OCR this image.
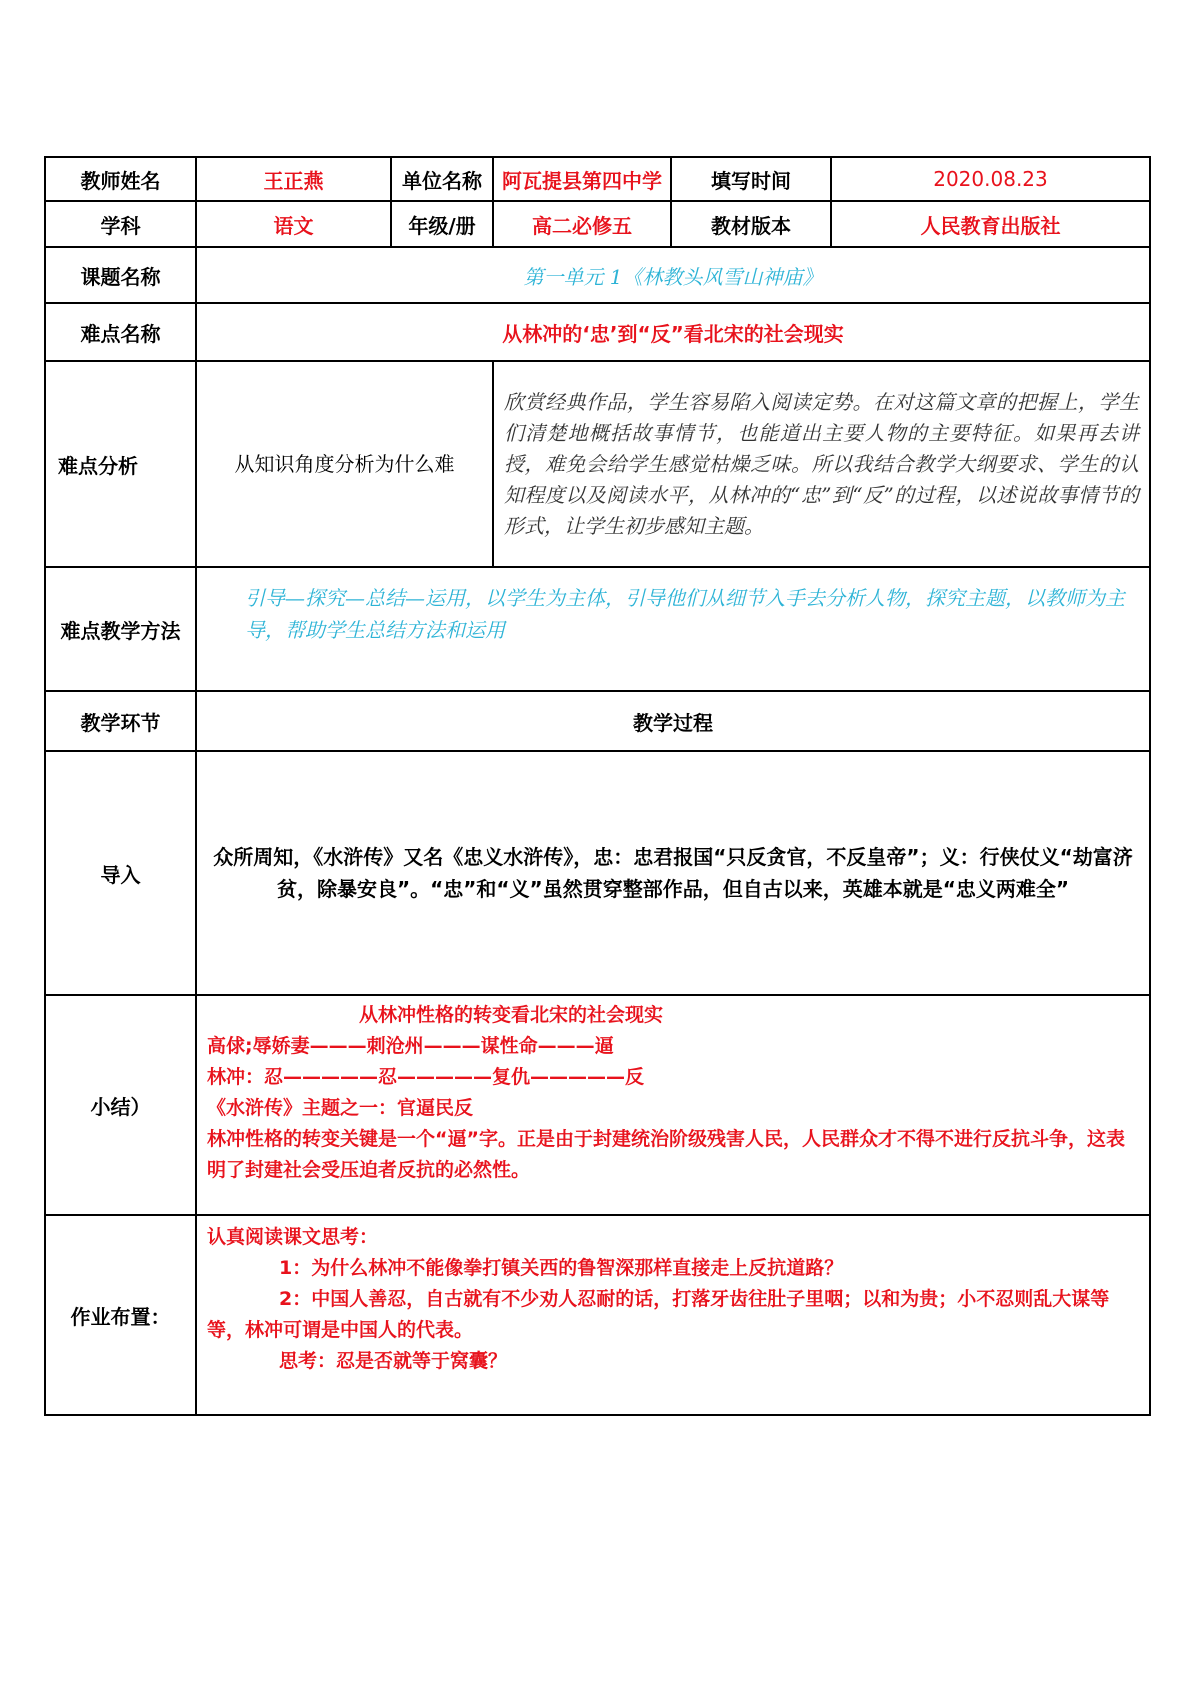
教师姓名	王正燕	单位名称	阿瓦提县第四中学	填写时间	2020.08.23
学科	语文	年级/册	高二必修五	教材版本	人民教育出版社
课题名称	第一单元 1《林教头风雪山神庙》				
难点名称	从林冲的‘忠’到“反”看北宋的社会现实				
难点分析	从知识角度分析为什么难		欣赏经典作品，学生容易陷入阅读定势。在对这篇文章的把握上，学生们清楚地概括故事情节，也能道出主要人物的主要特征。如果再去讲授，难免会给学生感觉枯燥乏味。所以我结合教学大纲要求、学生的认知程度以及阅读水平，从林冲的“忠”到“反”的过程，以述说故事情节的形式，让学生初步感知主题。		
难点教学方法	引导—探究—总结—运用，以学生为主体，引导他们从细节入手去分析人物，探究主题，以教师为主导，帮助学生总结方法和运用				
教学环节	教学过程				
导入	众所周知，《水浒传》又名《忠义水浒传》，忠：忠君报国“只反贪官，不反皇帝”；义：行侠仗义“劫富济贫，除暴安良”。“忠”和“义”虽然贯穿整部作品，但自古以来，英雄本就是“忠义两难全”				
小结）	从林冲性格的转变看北宋的社会现实
高俅;辱娇妻———刺沧州———谋性命———逼
林冲：忍—————忍—————复仇—————反
《水浒传》主题之一：官逼民反
林冲性格的转变关键是一个“逼”字。正是由于封建统治阶级残害人民，人民群众才不得不进行反抗斗争，这表明了封建社会受压迫者反抗的必然性。				

作业布置：	认真阅读课文思考：
1：为什么林冲不能像拳打镇关西的鲁智深那样直接走上反抗道路？
2：中国人善忍，自古就有不少劝人忍耐的话，打落牙齿往肚子里咽；以和为贵；小不忍则乱大谋等等，林冲可谓是中国人的代表。
思考：忍是否就等于窝囊？				
